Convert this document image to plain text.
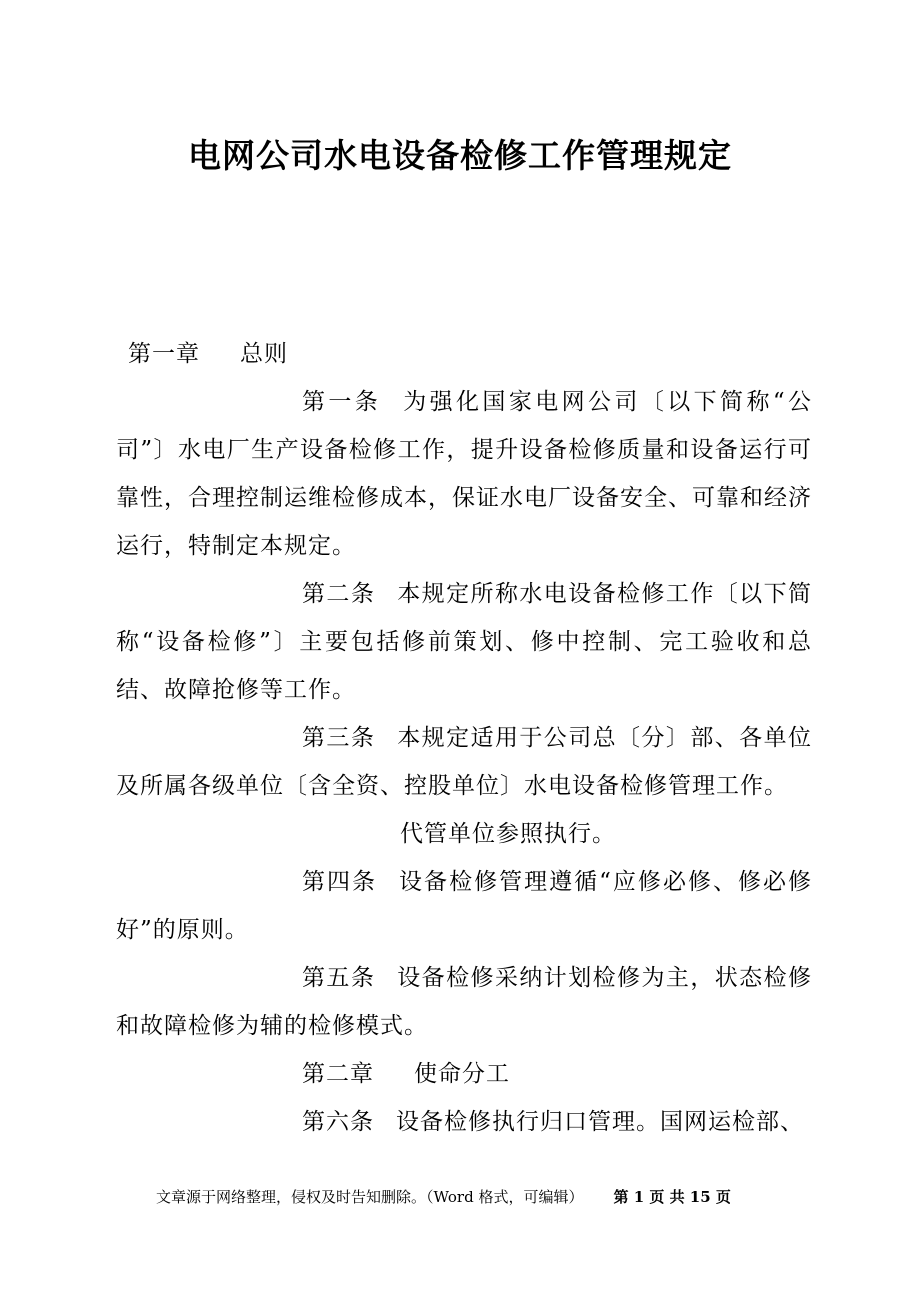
电网公司水电设备检修工作管理规定
第一章 总则
第一条 为强化国家电网公司〔以下简称“公司”〕水电厂生产设备检修工作，提升设备检修质量和设备运行可靠性，合理控制运维检修成本，保证水电厂设备安全、可靠和经济运行，特制定本规定。
第二条 本规定所称水电设备检修工作〔以下简称“设备检修”〕主要包括修前策划、修中控制、完工验收和总结、故障抢修等工作。
第三条 本规定适用于公司总〔分〕部、各单位及所属各级单位〔含全资、控股单位〕水电设备检修管理工作。
代管单位参照执行。
第四条 设备检修管理遵循“应修必修、修必修好”的原则。
第五条 设备检修采纳计划检修为主，状态检修和故障检修为辅的检修模式。
第二章 使命分工
第六条 设备检修执行归口管理。国网运检部、
文章源于网络整理，侵权及时告知删除。（Word 格式，可编辑） 第 1 页 共 15 页
